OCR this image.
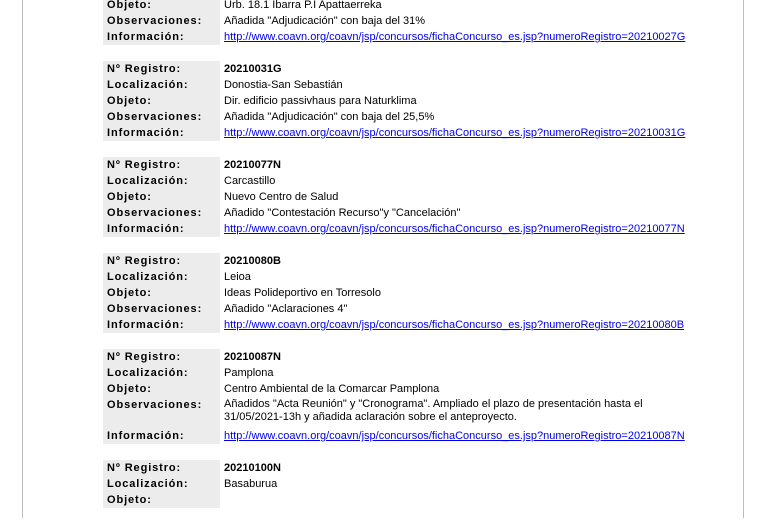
Objeto:	Urb. 18.1 Ibarra P.I Apattaerreka
Observaciones:	Añadida "Adjudicación" con baja del 31%
Información:	http://www.coavn.org/coavn/jsp/concursos/fichaConcurso_es.jsp?numeroRegistro=20210027G
Nº Registro:	20210031G
Localización:	Donostia-San Sebastián
Objeto:	Dir. edificio passivhaus para Naturklima
Observaciones:	Añadida "Adjudicación" con baja del 25,5%
Información:	http://www.coavn.org/coavn/jsp/concursos/fichaConcurso_es.jsp?numeroRegistro=20210031G
Nº Registro:	20210077N
Localización:	Carcastillo
Objeto:	Nuevo Centro de Salud
Observaciones:	Añadido "Contestación Recurso"y "Cancelación"
Información:	http://www.coavn.org/coavn/jsp/concursos/fichaConcurso_es.jsp?numeroRegistro=20210077N
Nº Registro:	20210080B
Localización:	Leioa
Objeto:	Ideas Polideportivo en Torresolo
Observaciones:	Añadido "Aclaraciones 4"
Información:	http://www.coavn.org/coavn/jsp/concursos/fichaConcurso_es.jsp?numeroRegistro=20210080B
Nº Registro:	20210087N
Localización:	Pamplona
Objeto:	Centro Ambiental de la Comarcar Pamplona
Observaciones:	Añadidos "Acta Reunión" y "Cronograma". Ampliado el plazo de presentación hasta el 31/05/2021-13h y añadida aclaración sobre el anteproyecto.
Información:	http://www.coavn.org/coavn/jsp/concursos/fichaConcurso_es.jsp?numeroRegistro=20210087N
Nº Registro:	20210100N
Localización:	Basaburua
Objeto:
